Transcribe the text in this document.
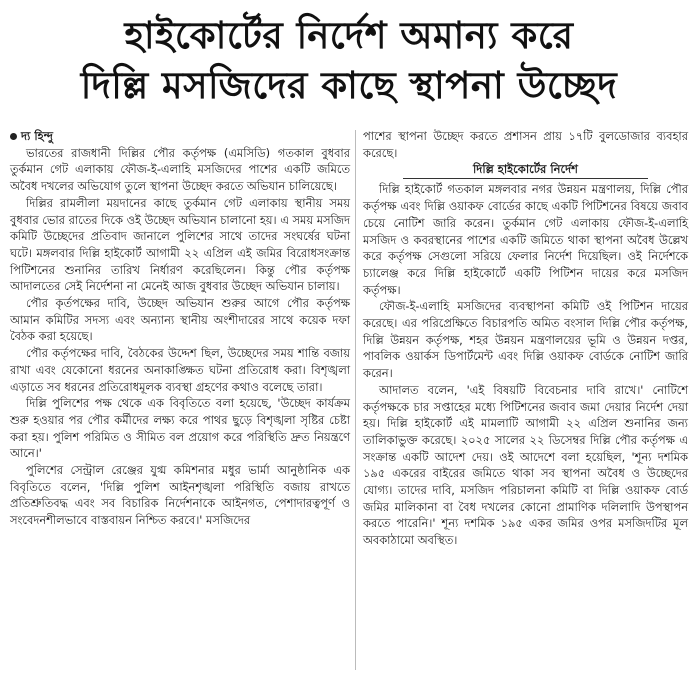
হাইকোর্টের নির্দেশ অমান্য করে
দিল্লি মসজিদের কাছে স্থাপনা উচ্ছেদ
দ্য হিন্দু

ভারতের রাজধানী দিল্লির পৌর কর্তৃপক্ষ (এমসিডি) গতকাল বুধবার তুর্কমান গেট এলাকায় ফৌজ-ই-এলাহি মসজিদের পাশের একটি জমিতে অবৈধ দখলের অভিযোগ তুলে স্থাপনা উচ্ছেদ করতে অভিযান চালিয়েছে।

দিল্লির রামলীলা ময়দানের কাছে তুর্কমান গেট এলাকায় স্থানীয় সময় বুধবার ভোর রাতের দিকে ওই উচ্ছেদ অভিযান চালানো হয়। এ সময় মসজিদ কমিটি উচ্ছেদের প্রতিবাদ জানালে পুলিশের সাথে তাদের সংঘর্ষের ঘটনা ঘটে। মঙ্গলবার দিল্লি হাইকোর্ট আগামী ২২ এপ্রিল এই জমির বিরোধসংক্রান্ত পিটিশনের শুনানির তারিখ নির্ধারণ করেছিলেন। কিন্তু পৌর কর্তৃপক্ষ আদালতের সেই নির্দেশনা না মেনেই আজ বুধবার উচ্ছেদ অভিযান চালায়।

পৌর কৃর্তপক্ষের দাবি, উচ্ছেদ অভিযান শুরুর আগে পৌর কর্তৃপক্ষ আমান কমিটির সদস্য এবং অন্যান্য স্থানীয় অংশীদারের সাথে কয়েক দফা বৈঠক করা হয়েছে।

পৌর কর্তৃপক্ষের দাবি, বৈঠকের উদ্দেশ ছিল, উচ্ছেদের সময় শান্তি বজায় রাখা এবং যেকোনো ধরনের অনাকাঙ্ক্ষিত ঘটনা প্রতিরোধ করা। বিশৃঙ্খলা এড়াতে সব ধরনের প্রতিরোধমূলক ব্যবস্থা গ্রহণের কথাও বলেছে তারা।

দিল্লি পুলিশের পক্ষ থেকে এক বিবৃতিতে বলা হয়েছে, 'উচ্ছেদ কার্যক্রম শুরু হওয়ার পর পৌর কর্মীদের লক্ষ্য করে পাথর ছুড়ে বিশৃঙ্খলা সৃষ্টির চেষ্টা করা হয়। পুলিশ পরিমিত ও সীমিত বল প্রয়োগ করে পরিস্থিতি দ্রুত নিয়ন্ত্রণে আনে।'

পুলিশের সেন্ট্রাল রেঞ্জের যুগ্ম কমিশনার মধুর ভার্মা আনুষ্ঠানিক এক বিবৃতিতে বলেন, 'দিল্লি পুলিশ আইনশৃঙ্খলা পরিস্থিতি বজায় রাখতে প্রতিশ্রুতিবদ্ধ এবং সব বিচারিক নির্দেশনাকে আইনগত, পেশাদারত্বপূর্ণ ও সংবেদনশীলভাবে বাস্তবায়ন নিশ্চিত করবে।' মসজিদের

পাশের স্থাপনা উচ্ছেদ করতে প্রশাসন প্রায় ১৭টি বুলডোজার ব্যবহার করেছে।

দিল্লি হাইকোর্টের নির্দেশ

দিল্লি হাইকোর্ট গতকাল মঙ্গলবার নগর উন্নয়ন মন্ত্রণালয়, দিল্লি পৌর কর্তৃপক্ষ এবং দিল্লি ওয়াকফ বোর্ডের কাছে একটি পিটিশনের বিষয়ে জবাব চেয়ে নোটিশ জারি করেন। তুর্কমান গেট এলাকায় ফৌজ-ই-এলাহি মসজিদ ও কবরস্থানের পাশের একটি জমিতে থাকা স্থাপনা অবৈধ উল্লেখ করে কর্তৃপক্ষ সেগুলো সরিয়ে ফেলার নির্দেশ দিয়েছিল। ওই নির্দেশকে চ্যালেঞ্জ করে দিল্লি হাইকোর্টে একটি পিটিশন দায়ের করে মসজিদ কর্তৃপক্ষ।

ফৌজ-ই-এলাহি মসজিদের ব্যবস্থাপনা কমিটি ওই পিটিশন দায়ের করেছে। এর পরিপ্রেক্ষিতে বিচারপতি অমিত বংসাল দিল্লি পৌর কর্তৃপক্ষ, দিল্লি উন্নয়ন কর্তৃপক্ষ, শহর উন্নয়ন মন্ত্রণালয়ের ভূমি ও উন্নয়ন দপ্তর, পাবলিক ওয়ার্কস ডিপার্টমেন্ট এবং দিল্লি ওয়াকফ বোর্ডকে নোটিশ জারি করেন।

আদালত বলেন, 'এই বিষয়টি বিবেচনার দাবি রাখে।' নোটিশে কর্তৃপক্ষকে চার সপ্তাহের মধ্যে পিটিশনের জবাব জমা দেয়ার নির্দেশ দেয়া হয়। দিল্লি হাইকোর্ট এই মামলাটি আগামী ২২ এপ্রিল শুনানির জন্য তালিকাভুক্ত করেছে। ২০২৫ সালের ২২ ডিসেম্বর দিল্লি পৌর কর্তৃপক্ষ এ সংক্রান্ত একটি আদেশ দেয়। ওই আদেশে বলা হয়েছিল, 'শূন্য দশমিক ১৯৫ একরের বাইরের জমিতে থাকা সব স্থাপনা অবৈধ ও উচ্ছেদের যোগ্য। তাদের দাবি, মসজিদ পরিচালনা কমিটি বা দিল্লি ওয়াকফ বোর্ড জমির মালিকানা বা বৈধ দখলের কোনো প্রামাণিক দলিলাদি উপস্থাপন করতে পারেনি।' শূন্য দশমিক ১৯৫ একর জমির ওপর মসজিদটির মূল অবকাঠামো অবস্থিত।
